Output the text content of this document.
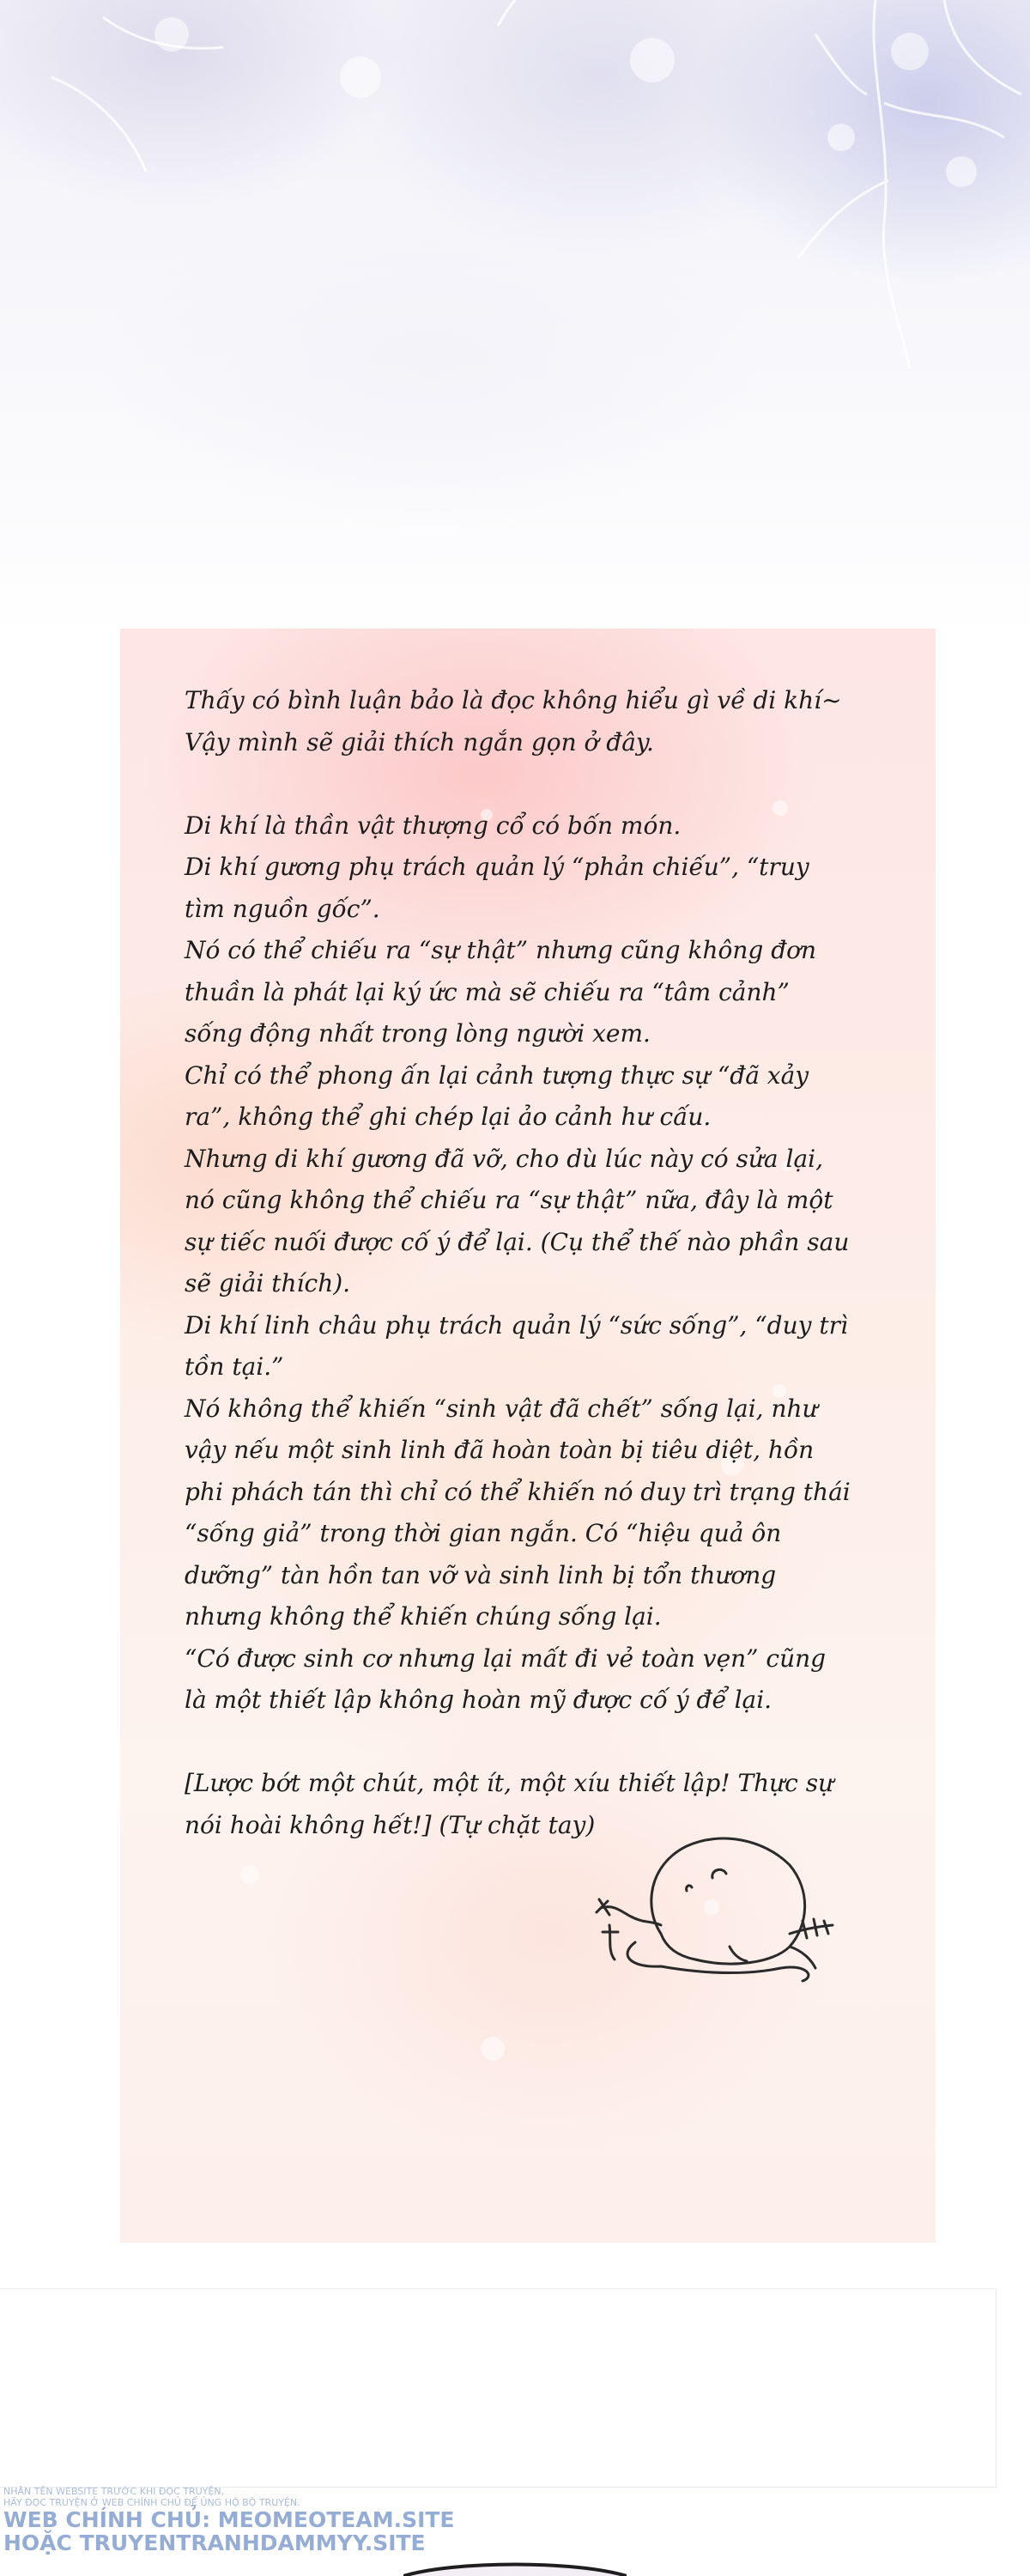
Thấy có bình luận bảo là đọc không hiểu gì về di khí~

Vậy mình sẽ giải thích ngắn gọn ở đây.

Di khí là thần vật thượng cổ có bốn món.

Di khí gương phụ trách quản lý “phản chiếu”, “truy tìm nguồn gốc”.

Nó có thể chiếu ra “sự thật” nhưng cũng không đơn thuần là phát lại ký ức mà sẽ chiếu ra “tâm cảnh” sống động nhất trong lòng người xem.

Chỉ có thể phong ấn lại cảnh tượng thực sự “đã xảy ra”, không thể ghi chép lại ảo cảnh hư cấu.

Nhưng di khí gương đã vỡ, cho dù lúc này có sửa lại, nó cũng không thể chiếu ra “sự thật” nữa, đây là một sự tiếc nuối được cố ý để lại. (Cụ thể thế nào phần sau sẽ giải thích).

Di khí linh châu phụ trách quản lý “sức sống”, “duy trì tồn tại.”

Nó không thể khiến “sinh vật đã chết” sống lại, như vậy nếu một sinh linh đã hoàn toàn bị tiêu diệt, hồn phi phách tán thì chỉ có thể khiến nó duy trì trạng thái “sống giả” trong thời gian ngắn. Có “hiệu quả ôn dưỡng” tàn hồn tan vỡ và sinh linh bị tổn thương nhưng không thể khiến chúng sống lại.

“Có được sinh cơ nhưng lại mất đi vẻ toàn vẹn” cũng là một thiết lập không hoàn mỹ được cố ý để lại.

[Lược bớt một chút, một ít, một xíu thiết lập! Thực sự nói hoài không hết!] (Tự chặt tay)

NHÂN TÊN WEBSITE TRƯỚC KHI ĐỌC TRUYỆN,
HÃY ĐỌC TRUYỆN Ở WEB CHÍNH CHỦ ĐỂ ỦNG HỘ BỘ TRUYỆN.
WEB CHÍNH CHỦ: MEOMEOTEAM.SITE
HOẶC TRUYENTRANHDAMMYY.SITE
